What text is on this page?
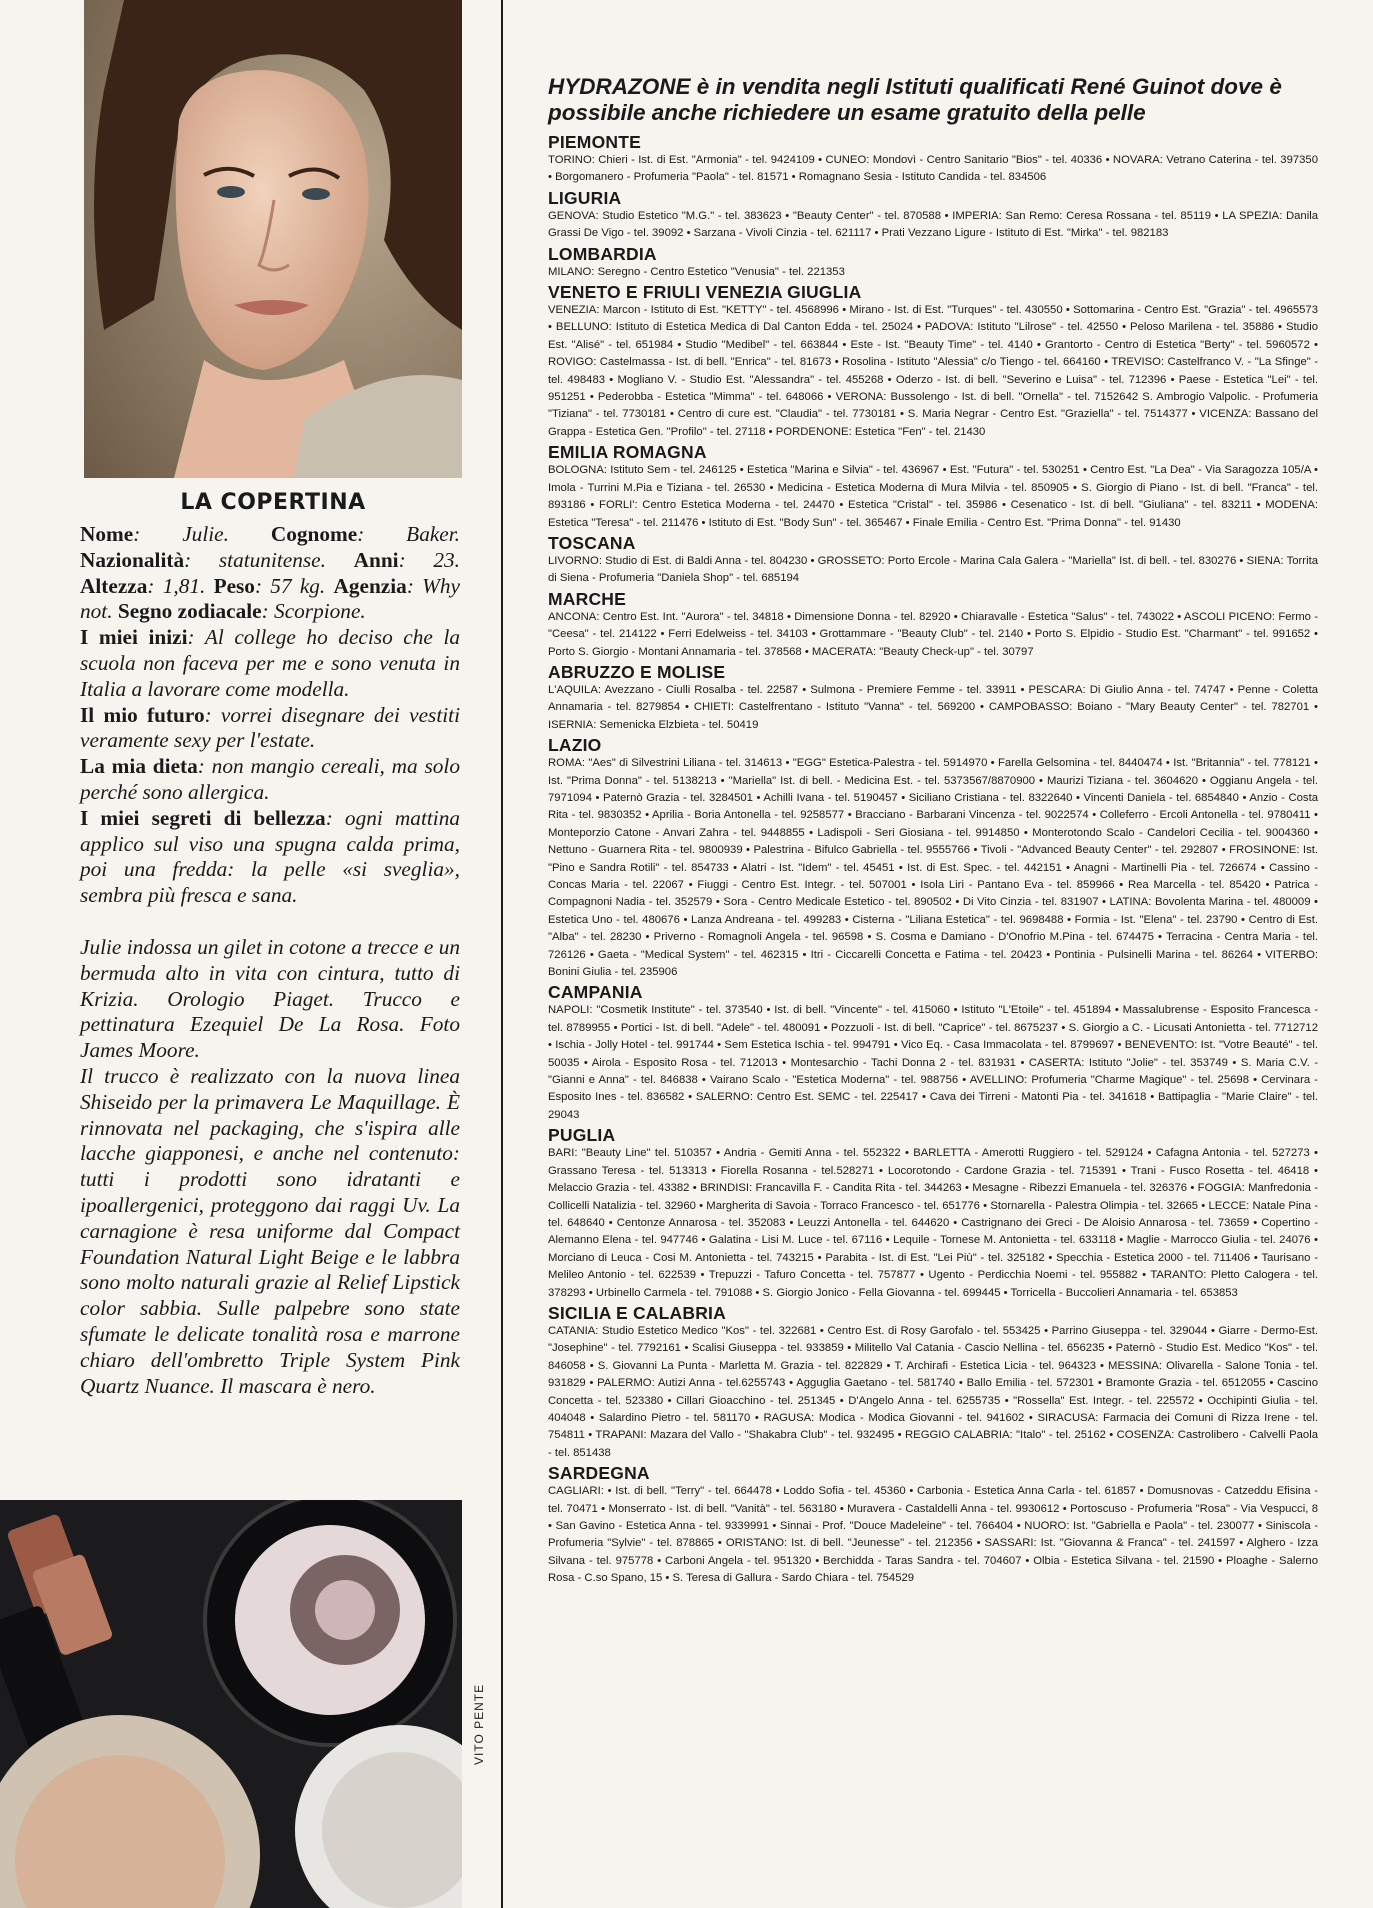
LA COPERTINA

Nome: Julie. Cognome: Baker. Nazionalità: statunitense. Anni: 23. Altezza: 1,81. Peso: 57 kg. Agenzia: Why not. Segno zodiacale: Scorpione.

I miei inizi: Al college ho deciso che la scuola non faceva per me e sono venuta in Italia a lavorare come modella.

Il mio futuro: vorrei disegnare dei vestiti veramente sexy per l'estate.

La mia dieta: non mangio cereali, ma solo perché sono allergica.

I miei segreti di bellezza: ogni mattina applico sul viso una spugna calda prima, poi una fredda: la pelle «si sveglia», sembra più fresca e sana.

Julie indossa un gilet in cotone a trecce e un bermuda alto in vita con cintura, tutto di Krizia. Orologio Piaget. Trucco e pettinatura Ezequiel De La Rosa. Foto James Moore.

Il trucco è realizzato con la nuova linea Shiseido per la primavera Le Maquillage. È rinnovata nel packaging, che s'ispira alle lacche giapponesi, e anche nel contenuto: tutti i prodotti sono idratanti e ipoallergenici, proteggono dai raggi Uv. La carnagione è resa uniforme dal Compact Foundation Natural Light Beige e le labbra sono molto naturali grazie al Relief Lipstick color sabbia. Sulle palpebre sono state sfumate le delicate tonalità rosa e marrone chiaro dell'ombretto Triple System Pink Quartz Nuance. Il mascara è nero.

VITO PENTE
HYDRAZONE è in vendita negli Istituti qualificati René Guinot dove è possibile anche richiedere un esame gratuito della pelle
PIEMONTE

TORINO: Chieri - Ist. di Est. "Armonia" - tel. 9424109 • CUNEO: Mondovì - Centro Sanitario "Bios" - tel. 40336 • NOVARA: Vetrano Caterina - tel. 397350 • Borgomanero - Profumeria "Paola" - tel. 81571 • Romagnano Sesia - Istituto Candida - tel. 834506

LIGURIA

GENOVA: Studio Estetico "M.G." - tel. 383623 • "Beauty Center" - tel. 870588 • IMPERIA: San Remo: Ceresa Rossana - tel. 85119 • LA SPEZIA: Danila Grassi De Vigo - tel. 39092 • Sarzana - Vivoli Cinzia - tel. 621117 • Prati Vezzano Ligure - Istituto di Est. "Mirka" - tel. 982183

LOMBARDIA

MILANO: Seregno - Centro Estetico "Venusia" - tel. 221353

VENETO E FRIULI VENEZIA GIUGLIA

VENEZIA: Marcon - Istituto di Est. "KETTY" - tel. 4568996 • Mirano - Ist. di Est. "Turques" - tel. 430550 • Sottomarina - Centro Est. "Grazia" - tel. 4965573 • BELLUNO: Istituto di Estetica Medica di Dal Canton Edda - tel. 25024 • PADOVA: Istituto "Lilrose" - tel. 42550 • Peloso Marilena - tel. 35886 • Studio Est. "Alisé" - tel. 651984 • Studio "Medibel" - tel. 663844 • Este - Ist. "Beauty Time" - tel. 4140 • Grantorto - Centro di Estetica "Berty" - tel. 5960572 • ROVIGO: Castelmassa - Ist. di bell. "Enrica" - tel. 81673 • Rosolina - Istituto "Alessia" c/o Tiengo - tel. 664160 • TREVISO: Castelfranco V. - "La Sfinge" - tel. 498483 • Mogliano V. - Studio Est. "Alessandra" - tel. 455268 • Oderzo - Ist. di bell. "Severino e Luisa" - tel. 712396 • Paese - Estetica "Lei" - tel. 951251 • Pederobba - Estetica "Mimma" - tel. 648066 • VERONA: Bussolengo - Ist. di bell. "Ornella" - tel. 7152642 S. Ambrogio Valpolic. - Profumeria "Tiziana" - tel. 7730181 • Centro di cure est. "Claudia" - tel. 7730181 • S. Maria Negrar - Centro Est. "Graziella" - tel. 7514377 • VICENZA: Bassano del Grappa - Estetica Gen. "Profilo" - tel. 27118 • PORDENONE: Estetica "Fen" - tel. 21430

EMILIA ROMAGNA

BOLOGNA: Istituto Sem - tel. 246125 • Estetica "Marina e Silvia" - tel. 436967 • Est. "Futura" - tel. 530251 • Centro Est. "La Dea" - Via Saragozza 105/A • Imola - Turrini M.Pia e Tiziana - tel. 26530 • Medicina - Estetica Moderna di Mura Milvia - tel. 850905 • S. Giorgio di Piano - Ist. di bell. "Franca" - tel. 893186 • FORLI': Centro Estetica Moderna - tel. 24470 • Estetica "Cristal" - tel. 35986 • Cesenatico - Ist. di bell. "Giuliana" - tel. 83211 • MODENA: Estetica "Teresa" - tel. 211476 • Istituto di Est. "Body Sun" - tel. 365467 • Finale Emilia - Centro Est. "Prima Donna" - tel. 91430

TOSCANA

LIVORNO: Studio di Est. di Baldi Anna - tel. 804230 • GROSSETO: Porto Ercole - Marina Cala Galera - "Mariella" Ist. di bell. - tel. 830276 • SIENA: Torrita di Siena - Profumeria "Daniela Shop" - tel. 685194

MARCHE

ANCONA: Centro Est. Int. "Aurora" - tel. 34818 • Dimensione Donna - tel. 82920 • Chiaravalle - Estetica "Salus" - tel. 743022 • ASCOLI PICENO: Fermo - "Ceesa" - tel. 214122 • Ferri Edelweiss - tel. 34103 • Grottammare - "Beauty Club" - tel. 2140 • Porto S. Elpidio - Studio Est. "Charmant" - tel. 991652 • Porto S. Giorgio - Montani Annamaria - tel. 378568 • MACERATA: "Beauty Check-up" - tel. 30797

ABRUZZO E MOLISE

L'AQUILA: Avezzano - Ciulli Rosalba - tel. 22587 • Sulmona - Premiere Femme - tel. 33911 • PESCARA: Di Giulio Anna - tel. 74747 • Penne - Coletta Annamaria - tel. 8279854 • CHIETI: Castelfrentano - Istituto "Vanna" - tel. 569200 • CAMPOBASSO: Boiano - "Mary Beauty Center" - tel. 782701 • ISERNIA: Semenicka Elzbieta - tel. 50419

LAZIO

ROMA: "Aes" di Silvestrini Liliana - tel. 314613 • "EGG" Estetica-Palestra - tel. 5914970 • Farella Gelsomina - tel. 8440474 • Ist. "Britannia" - tel. 778121 • Ist. "Prima Donna" - tel. 5138213 • "Mariella" Ist. di bell. - Medicina Est. - tel. 5373567/8870900 • Maurizi Tiziana - tel. 3604620 • Oggianu Angela - tel. 7971094 • Paternò Grazia - tel. 3284501 • Achilli Ivana - tel. 5190457 • Siciliano Cristiana - tel. 8322640 • Vincenti Daniela - tel. 6854840 • Anzio - Costa Rita - tel. 9830352 • Aprilia - Boria Antonella - tel. 9258577 • Bracciano - Barbarani Vincenza - tel. 9022574 • Colleferro - Ercoli Antonella - tel. 9780411 • Monteporzio Catone - Anvari Zahra - tel. 9448855 • Ladispoli - Seri Giosiana - tel. 9914850 • Monterotondo Scalo - Candelori Cecilia - tel. 9004360 • Nettuno - Guarnera Rita - tel. 9800939 • Palestrina - Bifulco Gabriella - tel. 9555766 • Tivoli - "Advanced Beauty Center" - tel. 292807 • FROSINONE: Ist. "Pino e Sandra Rotili" - tel. 854733 • Alatri - Ist. "Idem" - tel. 45451 • Ist. di Est. Spec. - tel. 442151 • Anagni - Martinelli Pia - tel. 726674 • Cassino - Concas Maria - tel. 22067 • Fiuggi - Centro Est. Integr. - tel. 507001 • Isola Liri - Pantano Eva - tel. 859966 • Rea Marcella - tel. 85420 • Patrica - Compagnoni Nadia - tel. 352579 • Sora - Centro Medicale Estetico - tel. 890502 • Di Vito Cinzia - tel. 831907 • LATINA: Bovolenta Marina - tel. 480009 • Estetica Uno - tel. 480676 • Lanza Andreana - tel. 499283 • Cisterna - "Liliana Estetica" - tel. 9698488 • Formia - Ist. "Elena" - tel. 23790 • Centro di Est. "Alba" - tel. 28230 • Priverno - Romagnoli Angela - tel. 96598 • S. Cosma e Damiano - D'Onofrio M.Pina - tel. 674475 • Terracina - Centra Maria - tel. 726126 • Gaeta - "Medical System" - tel. 462315 • Itri - Ciccarelli Concetta e Fatima - tel. 20423 • Pontinia - Pulsinelli Marina - tel. 86264 • VITERBO: Bonini Giulia - tel. 235906

CAMPANIA

NAPOLI: "Cosmetik Institute" - tel. 373540 • Ist. di bell. "Vincente" - tel. 415060 • Istituto "L'Etoile" - tel. 451894 • Massalubrense - Esposito Francesca - tel. 8789955 • Portici - Ist. di bell. "Adele" - tel. 480091 • Pozzuoli - Ist. di bell. "Caprice" - tel. 8675237 • S. Giorgio a C. - Licusati Antonietta - tel. 7712712 • Ischia - Jolly Hotel - tel. 991744 • Sem Estetica Ischia - tel. 994791 • Vico Eq. - Casa Immacolata - tel. 8799697 • BENEVENTO: Ist. "Votre Beauté" - tel. 50035 • Airola - Esposito Rosa - tel. 712013 • Montesarchio - Tachi Donna 2 - tel. 831931 • CASERTA: Istituto "Jolie" - tel. 353749 • S. Maria C.V. - "Gianni e Anna" - tel. 846838 • Vairano Scalo - "Estetica Moderna" - tel. 988756 • AVELLINO: Profumeria "Charme Magique" - tel. 25698 • Cervinara - Esposito Ines - tel. 836582 • SALERNO: Centro Est. SEMC - tel. 225417 • Cava dei Tirreni - Matonti Pia - tel. 341618 • Battipaglia - "Marie Claire" - tel. 29043

PUGLIA

BARI: "Beauty Line" tel. 510357 • Andria - Gemiti Anna - tel. 552322 • BARLETTA - Amerotti Ruggiero - tel. 529124 • Cafagna Antonia - tel. 527273 • Grassano Teresa - tel. 513313 • Fiorella Rosanna - tel.528271 • Locorotondo - Cardone Grazia - tel. 715391 • Trani - Fusco Rosetta - tel. 46418 • Melaccio Grazia - tel. 43382 • BRINDISI: Francavilla F. - Candita Rita - tel. 344263 • Mesagne - Ribezzi Emanuela - tel. 326376 • FOGGIA: Manfredonia - Collicelli Natalizia - tel. 32960 • Margherita di Savoia - Torraco Francesco - tel. 651776 • Stornarella - Palestra Olimpia - tel. 32665 • LECCE: Natale Pina - tel. 648640 • Centonze Annarosa - tel. 352083 • Leuzzi Antonella - tel. 644620 • Castrignano dei Greci - De Aloisio Annarosa - tel. 73659 • Copertino - Alemanno Elena - tel. 947746 • Galatina - Lisi M. Luce - tel. 67116 • Lequile - Tornese M. Antonietta - tel. 633118 • Maglie - Marrocco Giulia - tel. 24076 • Morciano di Leuca - Cosi M. Antonietta - tel. 743215 • Parabita - Ist. di Est. "Lei Più" - tel. 325182 • Specchia - Estetica 2000 - tel. 711406 • Taurisano - Melileo Antonio - tel. 622539 • Trepuzzi - Tafuro Concetta - tel. 757877 • Ugento - Perdicchia Noemi - tel. 955882 • TARANTO: Pletto Calogera - tel. 378293 • Urbinello Carmela - tel. 791088 • S. Giorgio Jonico - Fella Giovanna - tel. 699445 • Torricella - Buccolieri Annamaria - tel. 653853

SICILIA E CALABRIA

CATANIA: Studio Estetico Medico "Kos" - tel. 322681 • Centro Est. di Rosy Garofalo - tel. 553425 • Parrino Giuseppa - tel. 329044 • Giarre - Dermo-Est. "Josephine" - tel. 7792161 • Scalisi Giuseppa - tel. 933859 • Militello Val Catania - Cascio Nellina - tel. 656235 • Paternò - Studio Est. Medico "Kos" - tel. 846058 • S. Giovanni La Punta - Marletta M. Grazia - tel. 822829 • T. Archirafi - Estetica Licia - tel. 964323 • MESSINA: Olivarella - Salone Tonia - tel. 931829 • PALERMO: Autizi Anna - tel.6255743 • Agguglia Gaetano - tel. 581740 • Ballo Emilia - tel. 572301 • Bramonte Grazia - tel. 6512055 • Cascino Concetta - tel. 523380 • Cillari Gioacchino - tel. 251345 • D'Angelo Anna - tel. 6255735 • "Rossella" Est. Integr. - tel. 225572 • Occhipinti Giulia - tel. 404048 • Salardino Pietro - tel. 581170 • RAGUSA: Modica - Modica Giovanni - tel. 941602 • SIRACUSA: Farmacia dei Comuni di Rizza Irene - tel. 754811 • TRAPANI: Mazara del Vallo - "Shakabra Club" - tel. 932495 • REGGIO CALABRIA: "Italo" - tel. 25162 • COSENZA: Castrolibero - Calvelli Paola - tel. 851438

SARDEGNA

CAGLIARI: • Ist. di bell. "Terry" - tel. 664478 • Loddo Sofia - tel. 45360 • Carbonia - Estetica Anna Carla - tel. 61857 • Domusnovas - Catzeddu Efisina - tel. 70471 • Monserrato - Ist. di bell. "Vanità" - tel. 563180 • Muravera - Castaldelli Anna - tel. 9930612 • Portoscuso - Profumeria "Rosa" - Via Vespucci, 8 • San Gavino - Estetica Anna - tel. 9339991 • Sinnai - Prof. "Douce Madeleine" - tel. 766404 • NUORO: Ist. "Gabriella e Paola" - tel. 230077 • Siniscola - Profumeria "Sylvie" - tel. 878865 • ORISTANO: Ist. di bell. "Jeunesse" - tel. 212356 • SASSARI: Ist. "Giovanna & Franca" - tel. 241597 • Alghero - Izza Silvana - tel. 975778 • Carboni Angela - tel. 951320 • Berchidda - Taras Sandra - tel. 704607 • Olbia - Estetica Silvana - tel. 21590 • Ploaghe - Salerno Rosa - C.so Spano, 15 • S. Teresa di Gallura - Sardo Chiara - tel. 754529
